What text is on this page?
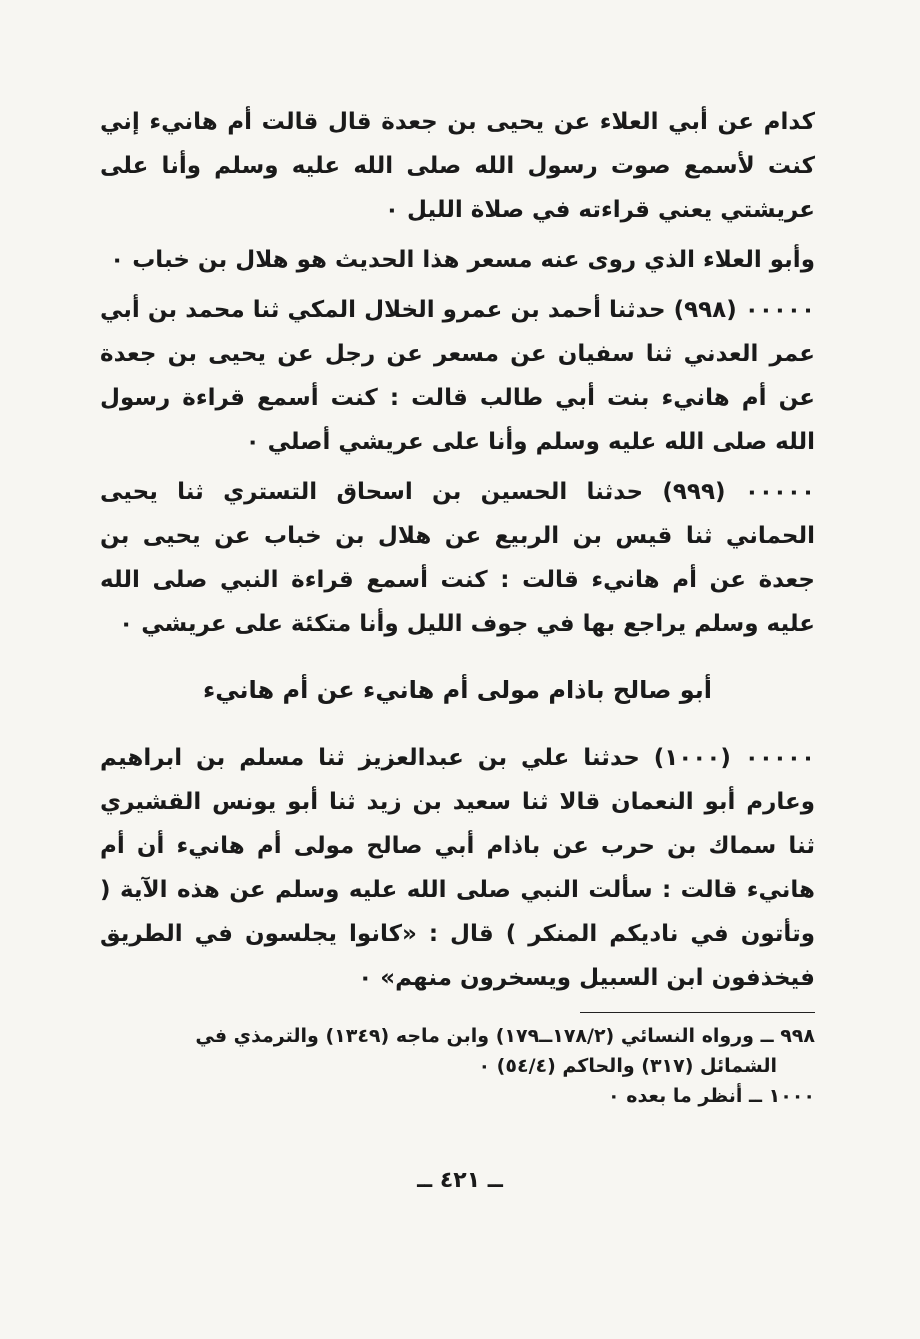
كدام عن أبي العلاء عن يحيى بن جعدة قال قالت أم هانيء إني كنت لأسمع صوت رسول الله صلى الله عليه وسلم وأنا على عريشتي يعني قراءته في صلاة الليل ٠

وأبو العلاء الذي روى عنه مسعر هذا الحديث هو هلال بن خباب ٠

٠٠٠٠٠ (٩٩٨) حدثنا أحمد بن عمرو الخلال المكي ثنا محمد بن أبي عمر العدني ثنا سفيان عن مسعر عن رجل عن يحيى بن جعدة عن أم هانيء بنت أبي طالب قالت : كنت أسمع قراءة رسول الله صلى الله عليه وسلم وأنا على عريشي أصلي ٠

٠٠٠٠٠ (٩٩٩) حدثنا الحسين بن اسحاق التستري ثنا يحيى الحماني ثنا قيس بن الربيع عن هلال بن خباب عن يحيى بن جعدة عن أم هانيء قالت : كنت أسمع قراءة النبي صلى الله عليه وسلم يراجع بها في جوف الليل وأنا متكئة على عريشي ٠

أبو صالح باذام مولى أم هانيء عن أم هانيء

٠٠٠٠٠ (١٠٠٠) حدثنا علي بن عبدالعزيز ثنا مسلم بن ابراهيم وعارم أبو النعمان قالا ثنا سعيد بن زيد ثنا أبو يونس القشيري ثنا سماك بن حرب عن باذام أبي صالح مولى أم هانيء أن أم هانيء قالت : سألت النبي صلى الله عليه وسلم عن هذه الآية ( وتأتون في ناديكم المنكر ) قال : «كانوا يجلسون في الطريق فيخذفون ابن السبيل ويسخرون منهم» ٠

٩٩٨ ــ ورواه النسائي (١٧٨/٢ــ١٧٩) وابن ماجه (١٣٤٩) والترمذي في

الشمائل (٣١٧) والحاكم (٥٤/٤) ٠

١٠٠٠ ــ أنظر ما بعده ٠

ــ ٤٢١ ــ
